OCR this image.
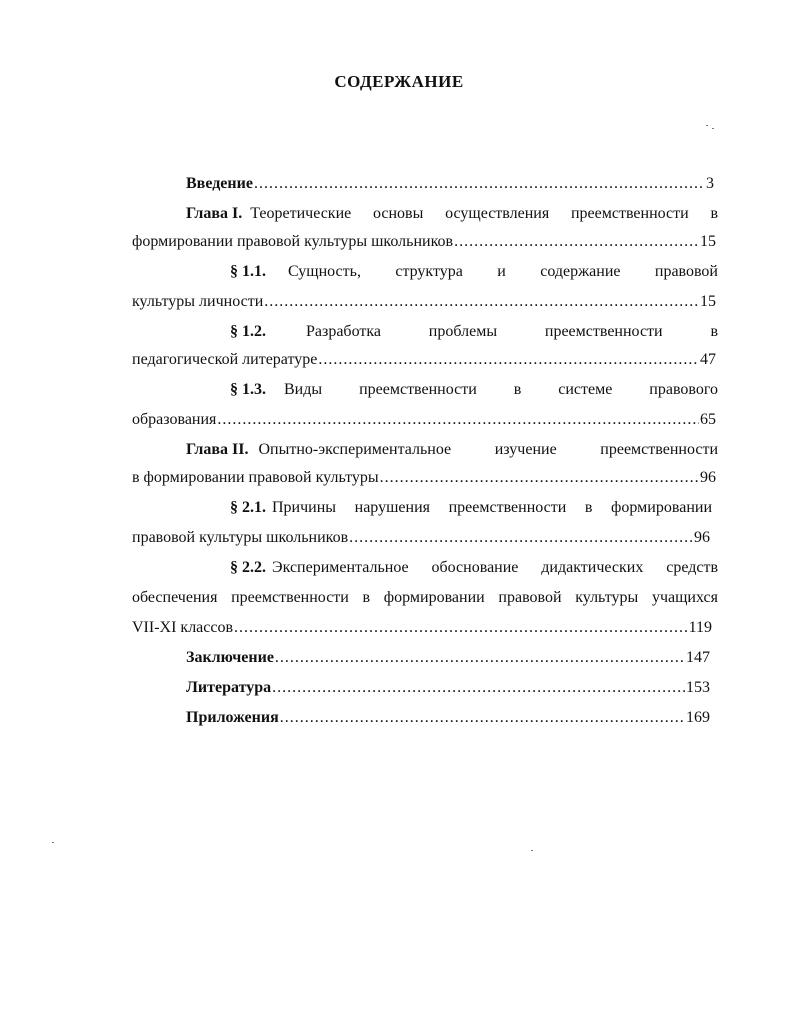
СОДЕРЖАНИЕ
Введение .....	3
Глава I. Теоретические основы осуществления преемственности в
формировании правовой культуры школьников .....	15
§ 1.1. Сущность, структура и содержание правовой
культуры личности .....	15
§ 1.2.	Разработка проблемы преемственности в
педагогической литературе .....	47
§ 1.3. Виды преемственности в системе правового
образования .....	65
Глава II. Опытно-экспериментальное изучение преемственности
в формировании правовой культуры .....	96
§ 2.1. Причины нарушения преемственности в формировании
правовой культуры школьников .....	96
§ 2.2. Экспериментальное обоснование дидактических средств
обеспечения преемственности в формировании правовой культуры учащихся
VII-XI классов .....	119
Заключение .....	147
Литература .....	153
Приложения .....	169
